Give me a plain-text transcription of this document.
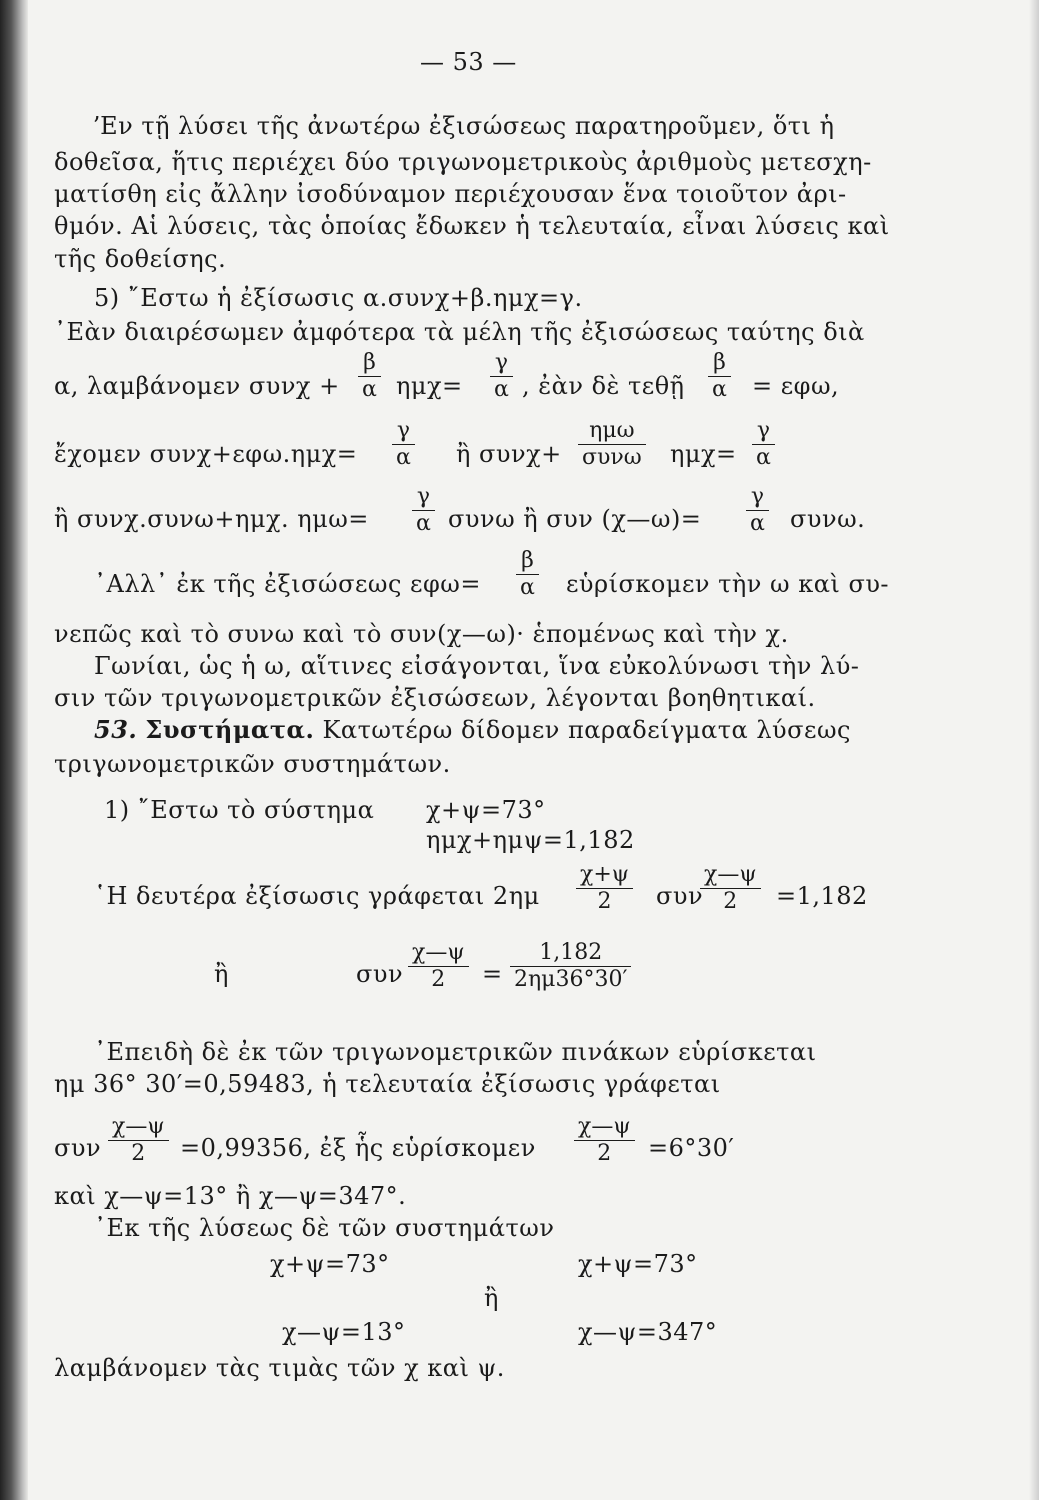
— 53 —
ʼΕν τῇ λύσει τῆς ἀνωτέρω ἐξισώσεως παρατηροῦμεν, ὅτι ἡ
δοθεῖσα, ἥτις περιέχει δύο τριγωνομετρικοὺς ἀριθμοὺς μετεσχη-
ματίσθη εἰς ἄλλην ἰσοδύναμον περιέχουσαν ἕνα τοιοῦτον ἀρι-
θμόν. Αἱ λύσεις, τὰς ὁποίας ἔδωκεν ἡ τελευταία, εἶναι λύσεις καὶ
τῆς δοθείσης.
5) ῎Εστω ἡ ἐξίσωσις α.συνχ+β.ημχ=γ.
᾿Εὰν διαιρέσωμεν ἀμφότερα τὰ μέλη τῆς ἐξισώσεως ταύτης διὰ
α, λαμβάνομεν συνχ +
β
α ημχ=
γ
α , ἐὰν δὲ τεθῇ
β
α = εφω,
ἔχομεν συνχ+εφω.ημχ=
γ
α ἢ συνχ+
ημω
συνω ημχ=
γ
α
ἢ συνχ.συνω+ημχ. ημω=
γ
α συνω ἢ συν (χ—ω)=
γ
α συνω.
᾿Αλλ᾿ ἐκ τῆς ἐξισώσεως εφω=
β
α εὑρίσκομεν τὴν ω καὶ συ-
νεπῶς καὶ τὸ συνω καὶ τὸ συν(χ—ω)· ἑπομένως καὶ τὴν χ.
Γωνίαι, ὡς ἡ ω, αἵτινες εἰσάγονται, ἵνα εὐκολύνωσι τὴν λύ-
σιν τῶν τριγωνομετρικῶν ἐξισώσεων, λέγονται βοηθητικαί.
53. Συστήματα. Κατωτέρω δίδομεν παραδείγματα λύσεως
τριγωνομετρικῶν συστημάτων.
1) ῎Εστω τὸ σύστημα χ+ψ=73°
ημχ+ημψ=1,182
῾Η δευτέρα ἐξίσωσις γράφεται 2ημ
χ+ψ
2 συν
χ—ψ
2 =1,182
ἢ	συν
χ—ψ
2 =
1,182
2ημ36°30′
᾿Επειδὴ δὲ ἐκ τῶν τριγωνομετρικῶν πινάκων εὑρίσκεται
ημ 36° 30′=0,59483, ἡ τελευταία ἐξίσωσις γράφεται
συν
χ—ψ
2 =0,99356, ἐξ ἧς εὑρίσκομεν
χ—ψ
2 =6°30′
καὶ χ—ψ=13° ἢ χ—ψ=347°.
᾿Εκ τῆς λύσεως δὲ τῶν συστημάτων
χ+ψ=73°	χ+ψ=73°
ἢ
χ—ψ=13°	χ—ψ=347°
λαμβάνομεν τὰς τιμὰς τῶν χ καὶ ψ.
